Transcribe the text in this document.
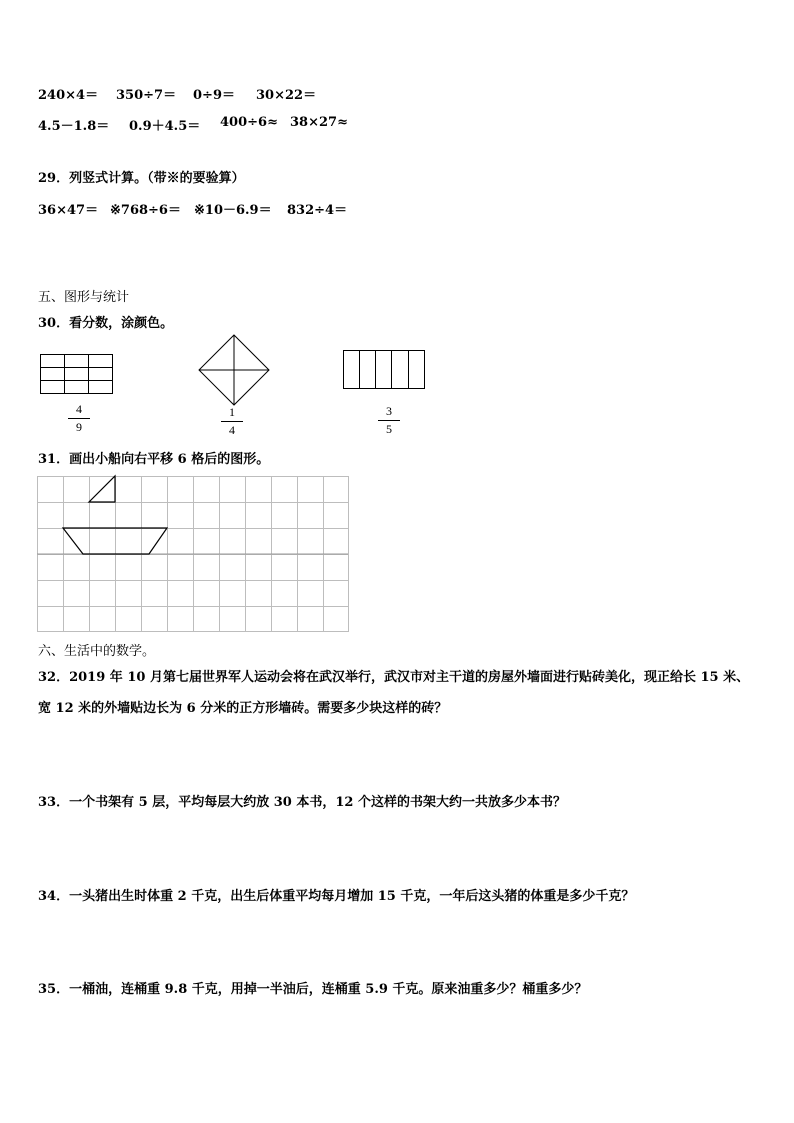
240×4＝ 350÷7＝ 0÷9＝ 30×22＝
4.5－1.8＝ 0.9＋4.5＝ 400÷6≈ 38×27≈
29．列竖式计算。（带※的要验算）
36×47＝ ※768÷6＝ ※10－6.9＝ 832÷4＝
五、图形与统计
30．看分数，涂颜色。
4
9
1
4
3
5
31．画出小船向右平移 6 格后的图形。
六、生活中的数学。
32．2019 年 10 月第七届世界军人运动会将在武汉举行，武汉市对主干道的房屋外墙面进行贴砖美化，现正给长 15 米、
宽 12 米的外墙贴边长为 6 分米的正方形墙砖。需要多少块这样的砖？
33．一个书架有 5 层，平均每层大约放 30 本书，12 个这样的书架大约一共放多少本书？
34．一头猪出生时体重 2 千克，出生后体重平均每月增加 15 千克，一年后这头猪的体重是多少千克？
35．一桶油，连桶重 9.8 千克，用掉一半油后，连桶重 5.9 千克。原来油重多少？桶重多少？
